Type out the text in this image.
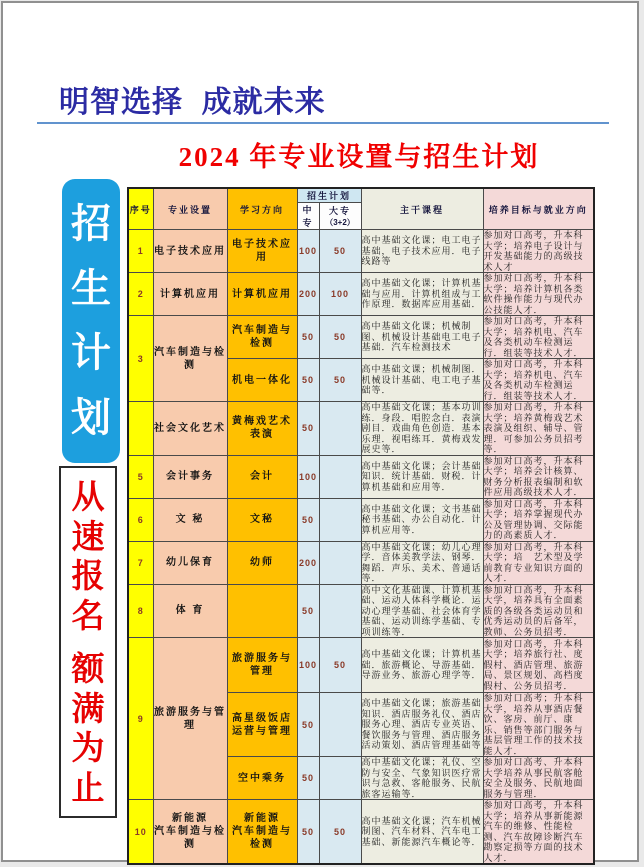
明智选择  成就未来
2024 年专业设置与招生计划
招
生
计
划
从
速
报
名
额
满
为
止
序号	专业设置	学习方向	招生计划		主干课程	培养目标与就业方向
			中专	大专
（3+2）		

1	电子技术应用	电子技术应用	100	50	高中基础文化课；电工电子基础，电子技术应用．电子线路等	参加对口高考，升本科大学；培养电子设计与开发基础能力的高级技术人才
2	计算机应用	计算机应用	200	100	高中基础文化课；计算机基础与应用．计算机组成与工作原理．数据库应用基础．	参加对口高考，升本科大学；培养计算机各类软件操作能力与现代办公技能人才．
3	汽车制造与检测	汽车制造与检测	50	50	高中基础文化课；机械制图、机械设计基础电工电子基础．汽车检测技术	参加对口高考，升本科大学；培养机电、汽车及各类机动车检测运行．组装等技术人才．
		机电一体化	50	50	高中基础文课；机械制图．机械设计基础、电工电子基础等．	参加对口高考，升本科大学；培养机电、汽车及各类机动车检测运行．组装等技术人才．
	社会文化艺术	黄梅戏艺术表演	50		高中基础文化课；基本功训练．身段．唱腔念白．表演剧目．戏曲角色创造．基本乐理．视唱练耳．黄梅戏发展史等．	参加对口高考，升本科大学；培养黄梅戏艺术表演及组织、辅导、管理．可参加公务员招考等．
5	会计事务	会计	100		高中基础文化课；会计基础知识．统计基础．财税．计算机基础和应用等．	参加对口高考，升本科大学；培养会计核算、财务分析报表编制和软件应用高级技术人才．
6	文 秘	文秘	50		高中基础文化课；文书基础 秘书基础、办公自动化．计算机应用等．	参加对口高考，升本科大学；培养掌握现代办公及管理协调、交际能力的高素质人才．
7	幼儿保育	幼师	200		高中基础文化课；幼儿心理学．音体美教学法、钢琴．舞蹈．声乐、美术、普通话等．	参加对口高考，升本科大学；培　艺术型及学前教育专业知识方面的人才．
8	体 育		50		高中文化基础课、计算机基础、运动人体科学概论．运动心理学基础、社会体育学基础、运动训练学基础、专项训练等．	参加对口高考，升本科大学，培养具有全面素质的各级各类运动员和优秀运动员的后备军，教师、公务员招考．
9	旅游服务与管理	旅游服务与管理	100	50	高中基础文化课；计算机基础．旅游概论、导游基础．导游业务、旅游心理学等．	参加对口高考，升本科大学；培养旅行社、度假村、酒店管理、旅游局、景区规划、高档度假村、公务员招考．
		高星级饭店
运营与管理	50		高中基础文化课；旅游基础知识．酒店服务礼仪、酒店服务心理、酒店专业英语、餐饮服务与管理、酒店服务活动策划、酒店管理基础等	参加对口高考；升本科大学，培养从事酒店餐饮、客房、前厅、康乐、销售等部门服务与基层管理工作的技术技能人才．
		空中乘务	50		高中基础文化课；礼仪、空防与安全、气象知识医疗常识与急救、客舱服务、民航旅客运输等．	参加对口高考、升本科大学培养从事民航客舱安全及服务、民航地面服务与管理．
10	新能源
汽车制造与检测	新能源
汽车制造与检测	50	50	高中基础文化课；汽车机械制图、汽车材料、汽车电工基础、新能源汽车概论等．	参加对口高考，升本科大学；培养从事新能源汽车的维修、性能检测、汽车故障诊断汽车勘察定损等方面的技术人才．
